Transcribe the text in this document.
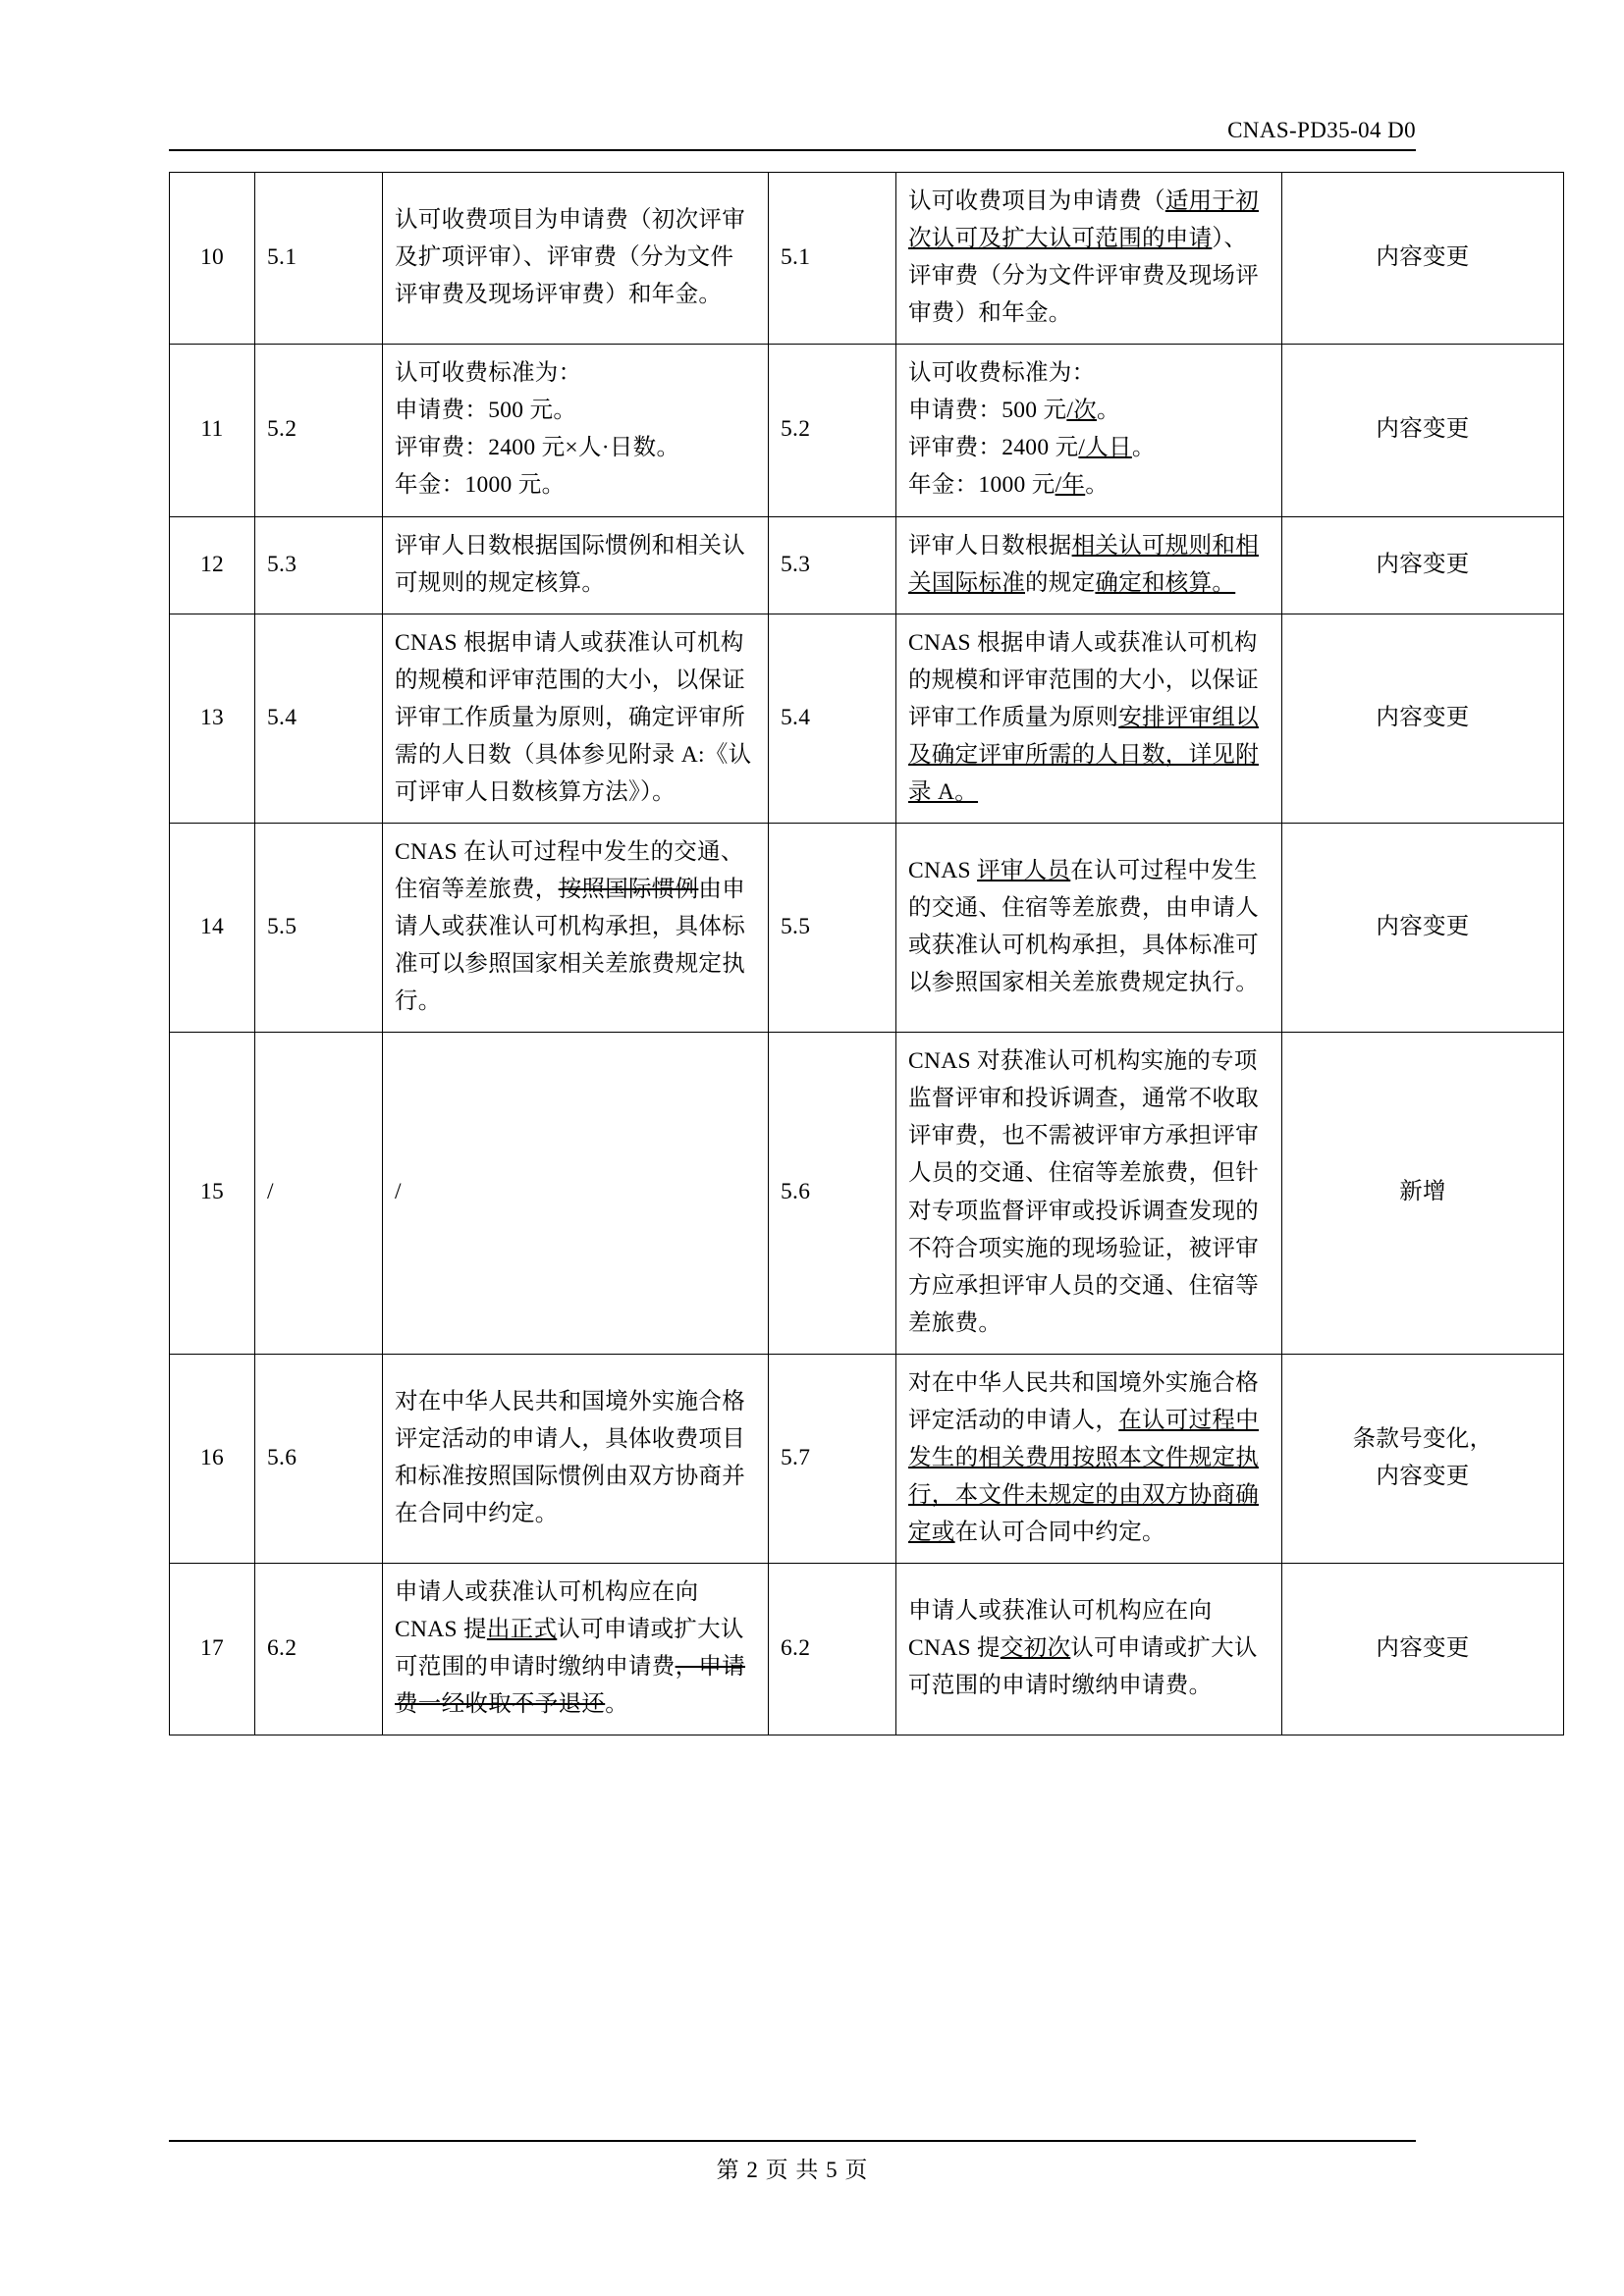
CNAS-PD35-04 D0
10	5.1	认可收费项目为申请费（初次评审及扩项评审）、评审费（分为文件评审费及现场评审费）和年金。	5.1	认可收费项目为申请费（适用于初次认可及扩大认可范围的申请）、评审费（分为文件评审费及现场评审费）和年金。	内容变更
11	5.2	认可收费标准为：
申请费：500 元。
评审费：2400 元×人·日数。
年金：1000 元。	5.2	认可收费标准为：
申请费：500 元/次。
评审费：2400 元/人日。
年金：1000 元/年。	内容变更
12	5.3	评审人日数根据国际惯例和相关认可规则的规定核算。	5.3	评审人日数根据相关认可规则和相关国际标准的规定确定和核算。	内容变更
13	5.4	CNAS 根据申请人或获准认可机构的规模和评审范围的大小，以保证评审工作质量为原则，确定评审所需的人日数（具体参见附录 A:《认可评审人日数核算方法》）。	5.4	CNAS 根据申请人或获准认可机构的规模和评审范围的大小，以保证评审工作质量为原则安排评审组以及确定评审所需的人日数，详见附录 A。	内容变更
14	5.5	CNAS 在认可过程中发生的交通、住宿等差旅费，按照国际惯例由申请人或获准认可机构承担，具体标准可以参照国家相关差旅费规定执行。	5.5	CNAS 评审人员在认可过程中发生的交通、住宿等差旅费，由申请人或获准认可机构承担，具体标准可以参照国家相关差旅费规定执行。	内容变更
15	/	/	5.6	CNAS 对获准认可机构实施的专项监督评审和投诉调查，通常不收取评审费，也不需被评审方承担评审人员的交通、住宿等差旅费，但针对专项监督评审或投诉调查发现的不符合项实施的现场验证，被评审方应承担评审人员的交通、住宿等差旅费。	新增
16	5.6	对在中华人民共和国境外实施合格评定活动的申请人，具体收费项目和标准按照国际惯例由双方协商并在合同中约定。	5.7	对在中华人民共和国境外实施合格评定活动的申请人，在认可过程中发生的相关费用按照本文件规定执行，本文件未规定的由双方协商确定或在认可合同中约定。	条款号变化，
内容变更
17	6.2	申请人或获准认可机构应在向 CNAS 提出正式认可申请或扩大认可范围的申请时缴纳申请费，申请费一经收取不予退还。	6.2	申请人或获准认可机构应在向 CNAS 提交初次认可申请或扩大认可范围的申请时缴纳申请费。	内容变更
第 2 页 共 5 页
